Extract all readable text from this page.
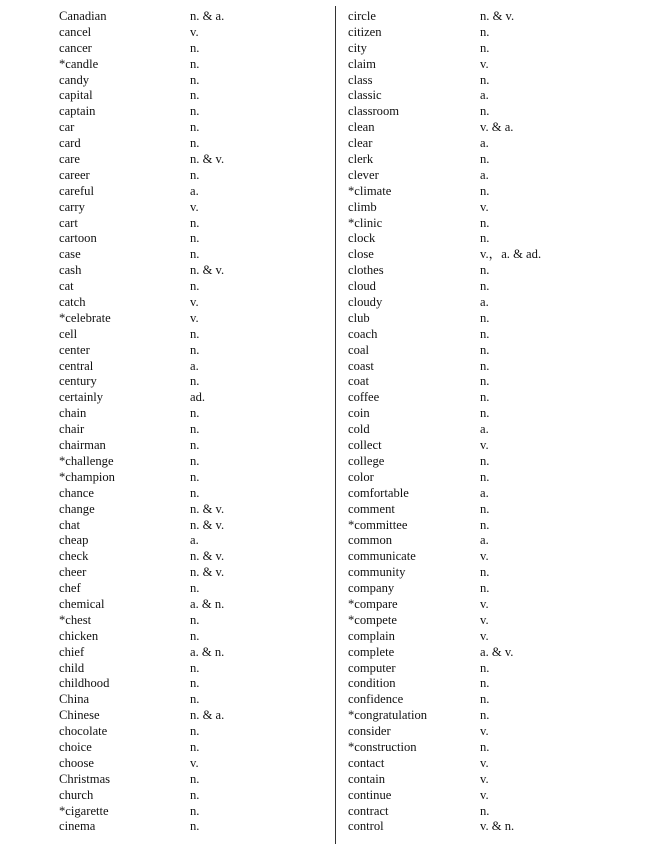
Canadian	n. & a.
cancel	v.
cancer	n.
*candle	n.
candy	n.
capital	n.
captain	n.
car	n.
card	n.
care	n. & v.
career	n.
careful	a.
carry	v.
cart	n.
cartoon	n.
case	n.
cash	n. & v.
cat	n.
catch	v.
*celebrate	v.
cell	n.
center	n.
central	a.
century	n.
certainly	ad.
chain	n.
chair	n.
chairman	n.
*challenge	n.
*champion	n.
chance	n.
change	n. & v.
chat	n. & v.
cheap	a.
check	n. & v.
cheer	n. & v.
chef	n.
chemical	a. & n.
*chest	n.
chicken	n.
chief	a. & n.
child	n.
childhood	n.
China	n.
Chinese	n. & a.
chocolate	n.
choice	n.
choose	v.
Christmas	n.
church	n.
*cigarette	n.
cinema	n.
circle	n. & v.
citizen	n.
city	n.
claim	v.
class	n.
classic	a.
classroom	n.
clean	v. & a.
clear	a.
clerk	n.
clever	a.
*climate	n.
climb	v.
*clinic	n.
clock	n.
close	v.，a. & ad.
clothes	n.
cloud	n.
cloudy	a.
club	n.
coach	n.
coal	n.
coast	n.
coat	n.
coffee	n.
coin	n.
cold	a.
collect	v.
college	n.
color	n.
comfortable	a.
comment	n.
*committee	n.
common	a.
communicate	v.
community	n.
company	n.
*compare	v.
*compete	v.
complain	v.
complete	a. & v.
computer	n.
condition	n.
confidence	n.
*congratulation	n.
consider	v.
*construction	n.
contact	v.
contain	v.
continue	v.
contract	n.
control	v. & n.
